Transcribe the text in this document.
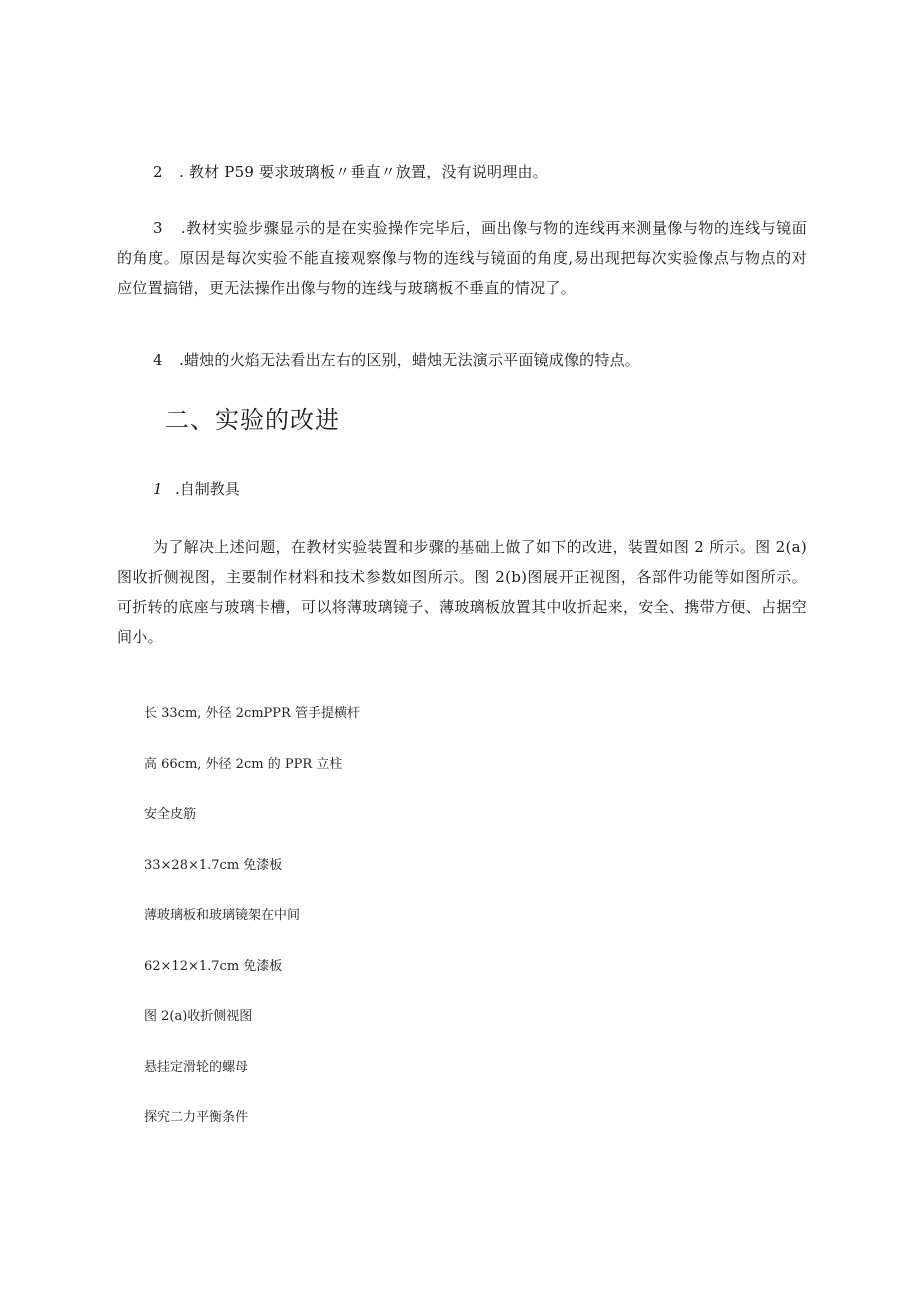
2 . 教材 P59 要求玻璃板〃垂直〃放置，没有说明理由。
3 .教材实验步骤显示的是在实验操作完毕后，画出像与物的连线再来测量像与物的连线与镜面的角度。原因是每次实验不能直接观察像与物的连线与镜面的角度,易出现把每次实验像点与物点的对应位置搞错，更无法操作出像与物的连线与玻璃板不垂直的情况了。
4 .蜡烛的火焰无法看出左右的区别，蜡烛无法演示平面镜成像的特点。
二、实验的改进
1 .自制教具
为了解决上述问题，在教材实验装置和步骤的基础上做了如下的改进，装置如图 2 所示。图 2(a)图收折侧视图，主要制作材料和技术参数如图所示。图 2(b)图展开正视图，各部件功能等如图所示。可折转的底座与玻璃卡槽，可以将薄玻璃镜子、薄玻璃板放置其中收折起来，安全、携带方便、占据空间小。
长 33cm, 外径 2cmPPR 管手提横杆
高 66cm, 外径 2cm 的 PPR 立柱
安全皮筋
33×28×1.7cm 免漆板
薄玻璃板和玻璃镜架在中间
62×12×1.7cm 免漆板
图 2(a)收折侧视图
悬挂定滑轮的螺母
探究二力平衡条件
